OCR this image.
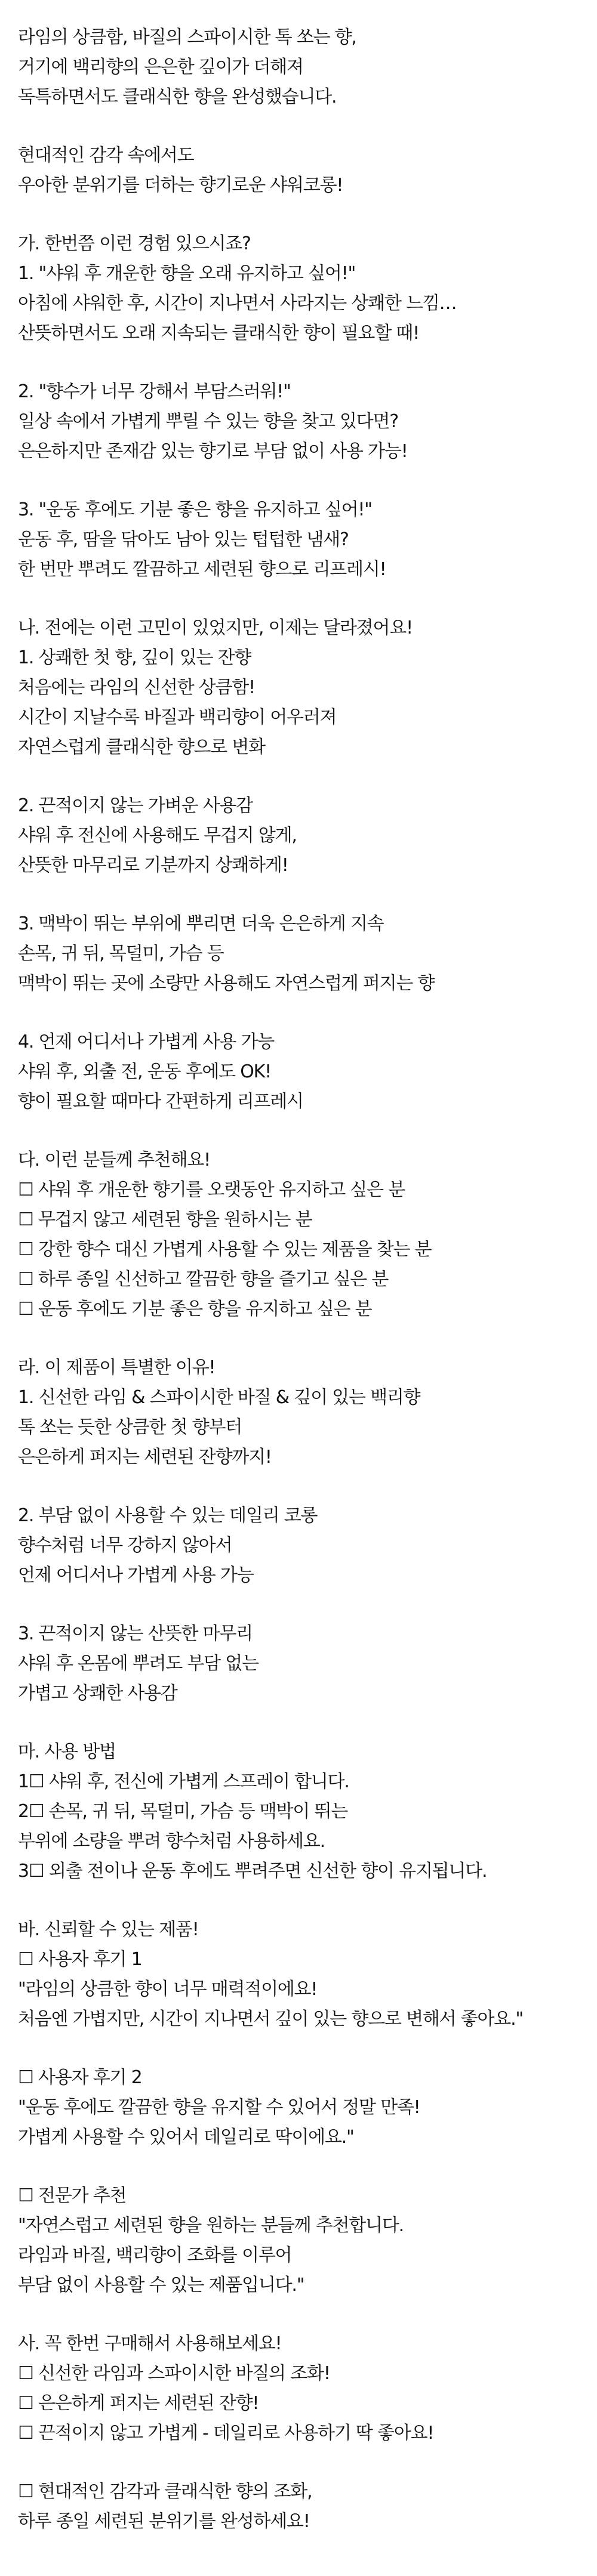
라임의 상큼함, 바질의 스파이시한 톡 쏘는 향,
거기에 백리향의 은은한 깊이가 더해져
독특하면서도 클래식한 향을 완성했습니다.
현대적인 감각 속에서도
우아한 분위기를 더하는 향기로운 샤워코롱!
가. 한번쯤 이런 경험 있으시죠?
1. "샤워 후 개운한 향을 오래 유지하고 싶어!"
아침에 샤워한 후, 시간이 지나면서 사라지는 상쾌한 느낌…
산뜻하면서도 오래 지속되는 클래식한 향이 필요할 때!
2. "향수가 너무 강해서 부담스러워!"
일상 속에서 가볍게 뿌릴 수 있는 향을 찾고 있다면?
은은하지만 존재감 있는 향기로 부담 없이 사용 가능!
3. "운동 후에도 기분 좋은 향을 유지하고 싶어!"
운동 후, 땀을 닦아도 남아 있는 텁텁한 냄새?
한 번만 뿌려도 깔끔하고 세련된 향으로 리프레시!
나. 전에는 이런 고민이 있었지만, 이제는 달라졌어요!
1. 상쾌한 첫 향, 깊이 있는 잔향
처음에는 라임의 신선한 상큼함!
시간이 지날수록 바질과 백리향이 어우러져
자연스럽게 클래식한 향으로 변화
2. 끈적이지 않는 가벼운 사용감
샤워 후 전신에 사용해도 무겁지 않게,
산뜻한 마무리로 기분까지 상쾌하게!
3. 맥박이 뛰는 부위에 뿌리면 더욱 은은하게 지속
손목, 귀 뒤, 목덜미, 가슴 등
맥박이 뛰는 곳에 소량만 사용해도 자연스럽게 퍼지는 향
4. 언제 어디서나 가볍게 사용 가능
샤워 후, 외출 전, 운동 후에도 OK!
향이 필요할 때마다 간편하게 리프레시
다. 이런 분들께 추천해요!
☐ 샤워 후 개운한 향기를 오랫동안 유지하고 싶은 분
☐ 무겁지 않고 세련된 향을 원하시는 분
☐ 강한 향수 대신 가볍게 사용할 수 있는 제품을 찾는 분
☐ 하루 종일 신선하고 깔끔한 향을 즐기고 싶은 분
☐ 운동 후에도 기분 좋은 향을 유지하고 싶은 분
라. 이 제품이 특별한 이유!
1. 신선한 라임 & 스파이시한 바질 & 깊이 있는 백리향
톡 쏘는 듯한 상큼한 첫 향부터
은은하게 퍼지는 세련된 잔향까지!
2. 부담 없이 사용할 수 있는 데일리 코롱
향수처럼 너무 강하지 않아서
언제 어디서나 가볍게 사용 가능
3. 끈적이지 않는 산뜻한 마무리
샤워 후 온몸에 뿌려도 부담 없는
가볍고 상쾌한 사용감
마. 사용 방법
1☐ 샤워 후, 전신에 가볍게 스프레이 합니다.
2☐ 손목, 귀 뒤, 목덜미, 가슴 등 맥박이 뛰는
부위에 소량을 뿌려 향수처럼 사용하세요.
3☐ 외출 전이나 운동 후에도 뿌려주면 신선한 향이 유지됩니다.
바. 신뢰할 수 있는 제품!
☐ 사용자 후기 1
"라임의 상큼한 향이 너무 매력적이에요!
처음엔 가볍지만, 시간이 지나면서 깊이 있는 향으로 변해서 좋아요."
☐ 사용자 후기 2
"운동 후에도 깔끔한 향을 유지할 수 있어서 정말 만족!
가볍게 사용할 수 있어서 데일리로 딱이에요."
☐ 전문가 추천
"자연스럽고 세련된 향을 원하는 분들께 추천합니다.
라임과 바질, 백리향이 조화를 이루어
부담 없이 사용할 수 있는 제품입니다."
사. 꼭 한번 구매해서 사용해보세요!
☐ 신선한 라임과 스파이시한 바질의 조화!
☐ 은은하게 퍼지는 세련된 잔향!
☐ 끈적이지 않고 가볍게 - 데일리로 사용하기 딱 좋아요!
☐ 현대적인 감각과 클래식한 향의 조화,
하루 종일 세련된 분위기를 완성하세요!
